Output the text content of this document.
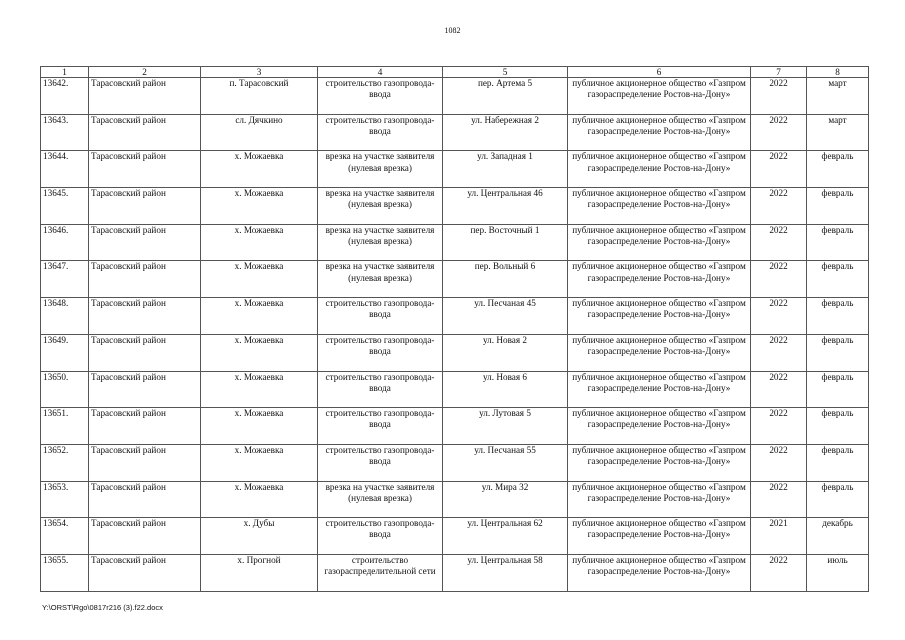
1082
1	2	3	4	5	6	7	8
13642.	Тарасовский район	п. Тарасовский	строительство газопровода-ввода	пер. Артема 5	публичное акционерное общество «Газпром газораспределение Ростов-на-Дону»	2022	март
13643.	Тарасовский район	сл. Дячкино	строительство газопровода-ввода	ул. Набережная 2	публичное акционерное общество «Газпром газораспределение Ростов-на-Дону»	2022	март
13644.	Тарасовский район	х. Можаевка	врезка на участке заявителя (нулевая врезка)	ул. Западная 1	публичное акционерное общество «Газпром газораспределение Ростов-на-Дону»	2022	февраль
13645.	Тарасовский район	х. Можаевка	врезка на участке заявителя (нулевая врезка)	ул. Центральная 46	публичное акционерное общество «Газпром газораспределение Ростов-на-Дону»	2022	февраль
13646.	Тарасовский район	х. Можаевка	врезка на участке заявителя (нулевая врезка)	пер. Восточный 1	публичное акционерное общество «Газпром газораспределение Ростов-на-Дону»	2022	февраль
13647.	Тарасовский район	х. Можаевка	врезка на участке заявителя (нулевая врезка)	пер. Вольный 6	публичное акционерное общество «Газпром газораспределение Ростов-на-Дону»	2022	февраль
13648.	Тарасовский район	х. Можаевка	строительство газопровода-ввода	ул. Песчаная 45	публичное акционерное общество «Газпром газораспределение Ростов-на-Дону»	2022	февраль
13649.	Тарасовский район	х. Можаевка	строительство газопровода-ввода	ул. Новая 2	публичное акционерное общество «Газпром газораспределение Ростов-на-Дону»	2022	февраль
13650.	Тарасовский район	х. Можаевка	строительство газопровода-ввода	ул. Новая 6	публичное акционерное общество «Газпром газораспределение Ростов-на-Дону»	2022	февраль
13651.	Тарасовский район	х. Можаевка	строительство газопровода-ввода	ул. Лутовая 5	публичное акционерное общество «Газпром газораспределение Ростов-на-Дону»	2022	февраль
13652.	Тарасовский район	х. Можаевка	строительство газопровода-ввода	ул. Песчаная 55	публичное акционерное общество «Газпром газораспределение Ростов-на-Дону»	2022	февраль
13653.	Тарасовский район	х. Можаевка	врезка на участке заявителя (нулевая врезка)	ул. Мира 32	публичное акционерное общество «Газпром газораспределение Ростов-на-Дону»	2022	февраль
13654.	Тарасовский район	х. Дубы	строительство газопровода-ввода	ул. Центральная 62	публичное акционерное общество «Газпром газораспределение Ростов-на-Дону»	2021	декабрь
13655.	Тарасовский район	х. Прогной	строительство газораспределительной сети	ул. Центральная 58	публичное акционерное общество «Газпром газораспределение Ростов-на-Дону»	2022	июль
Y:\ORST\Rgo\0817r216 (3).f22.docx
